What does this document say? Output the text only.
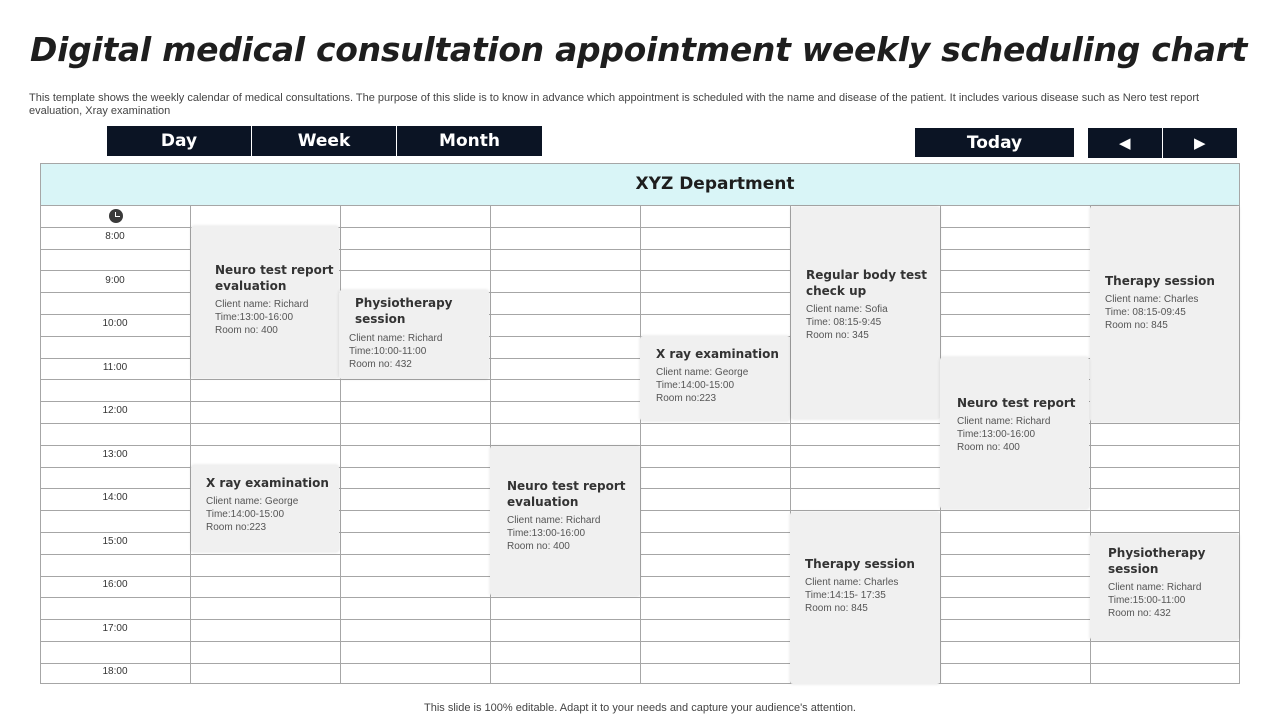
Digital medical consultation appointment weekly scheduling chart
This template shows the weekly calendar of medical consultations. The purpose of this slide is to know in advance which appointment is scheduled with the name and disease of the patient. It includes various disease such as Nero test report evaluation, Xray examination
Day	Week	Month	Today	◀	▶
XYZ Department
8:00
9:00
10:00
11:00
12:00
13:00
14:00
15:00
16:00
17:00
18:00
Neuro test report evaluation
Client name: Richard
Time:13:00-16:00
Room no: 400
Physiotherapy session
Client name: Richard
Time:10:00-11:00
Room no: 432
X ray examination
Client name: George
Time:14:00-15:00
Room no:223
Regular body test check up
Client name: Sofia
Time: 08:15-9:45
Room no: 345
Therapy session
Client name: Charles
Time: 08:15-09:45
Room no: 845
Neuro test report
Client name: Richard
Time:13:00-16:00
Room no: 400
X ray examination
Client name: George
Time:14:00-15:00
Room no:223
Neuro test report evaluation
Client name: Richard
Time:13:00-16:00
Room no: 400
Therapy session
Client name: Charles
Time:14:15- 17:35
Room no: 845
Physiotherapy session
Client name: Richard
Time:15:00-11:00
Room no: 432
This slide is 100% editable. Adapt it to your needs and capture your audience's attention.
